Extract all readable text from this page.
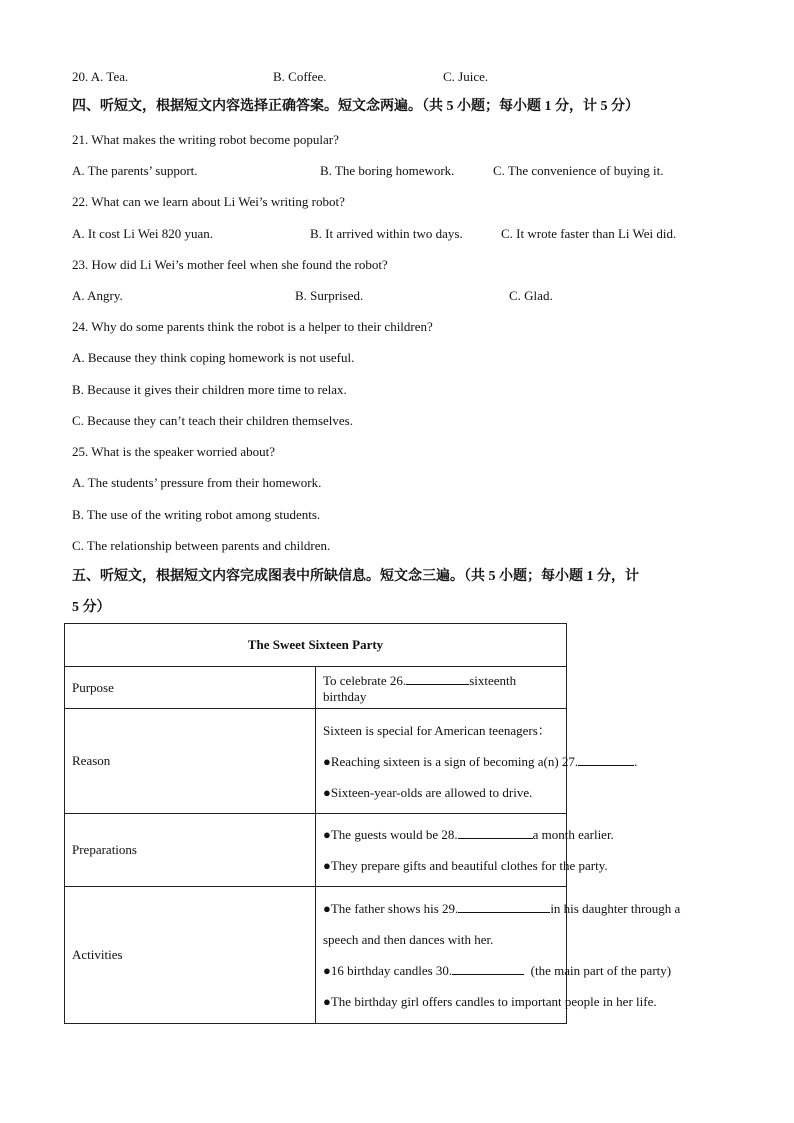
20. A. Tea.	B. Coffee.	C. Juice.
四、听短文，根据短文内容选择正确答案。短文念两遍。（共 5 小题；每小题 1 分，计 5 分）
21. What makes the writing robot become popular?
A. The parents’ support.	B. The boring homework.	C. The convenience of buying it.
22. What can we learn about Li Wei’s writing robot?
A. It cost Li Wei 820 yuan.	B. It arrived within two days.	C. It wrote faster than Li Wei did.
23. How did Li Wei’s mother feel when she found the robot?
A. Angry.	B. Surprised.	C. Glad.
24. Why do some parents think the robot is a helper to their children?
A. Because they think coping homework is not useful.
B. Because it gives their children more time to relax.
C. Because they can’t teach their children themselves.
25. What is the speaker worried about?
A. The students’ pressure from their homework.
B. The use of the writing robot among students.
C. The relationship between parents and children.
五、听短文，根据短文内容完成图表中所缺信息。短文念三遍。（共 5 小题；每小题 1 分，计
5 分）
The Sweet Sixteen Party	
Purpose	To celebrate 26. sixteenth birthday
Reason	Sixteen is special for American teenagers：
●Reaching sixteen is a sign of becoming a(n) 27. .
●Sixteen-year-olds are allowed to drive.

Preparations	●The guests would be 28. a month earlier.
●They prepare gifts and beautiful clothes for the party.

Activities	●The father shows his 29. in his daughter through a
speech and then dances with her.
●16 birthday candles 30. (the main part of the party)
●The birthday girl offers candles to important people in her life.
